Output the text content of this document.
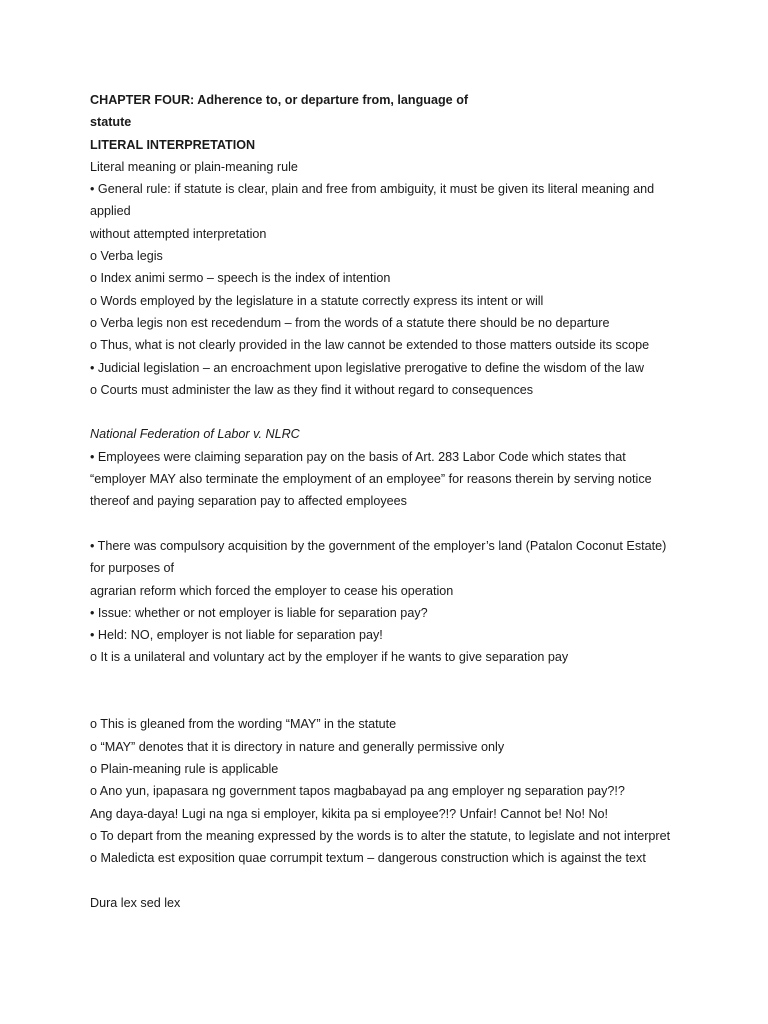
CHAPTER FOUR: Adherence to, or departure from, language of
statute
LITERAL INTERPRETATION
Literal meaning or plain-meaning rule
• General rule: if statute is clear, plain and free from ambiguity, it must be given its literal meaning and
applied
without attempted interpretation
o Verba legis
o Index animi sermo – speech is the index of intention
o Words employed by the legislature in a statute correctly express its intent or will
o Verba legis non est recedendum – from the words of a statute there should be no departure
o Thus, what is not clearly provided in the law cannot be extended to those matters outside its scope
• Judicial legislation – an encroachment upon legislative prerogative to define the wisdom of the law
o Courts must administer the law as they find it without regard to consequences
National Federation of Labor v. NLRC
• Employees were claiming separation pay on the basis of Art. 283 Labor Code which states that
“employer MAY also terminate the employment of an employee” for reasons therein by serving notice
thereof and paying separation pay to affected employees
• There was compulsory acquisition by the government of the employer’s land (Patalon Coconut Estate)
for purposes of
agrarian reform which forced the employer to cease his operation
• Issue: whether or not employer is liable for separation pay?
• Held: NO, employer is not liable for separation pay!
o It is a unilateral and voluntary act by the employer if he wants to give separation pay
o This is gleaned from the wording “MAY” in the statute
o “MAY” denotes that it is directory in nature and generally permissive only
o Plain-meaning rule is applicable
o Ano yun, ipapasara ng government tapos magbabayad pa ang employer ng separation pay?!?
Ang daya-daya! Lugi na nga si employer, kikita pa si employee?!? Unfair! Cannot be! No! No!
o To depart from the meaning expressed by the words is to alter the statute, to legislate and not interpret
o Maledicta est exposition quae corrumpit textum – dangerous construction which is against the text
Dura lex sed lex
